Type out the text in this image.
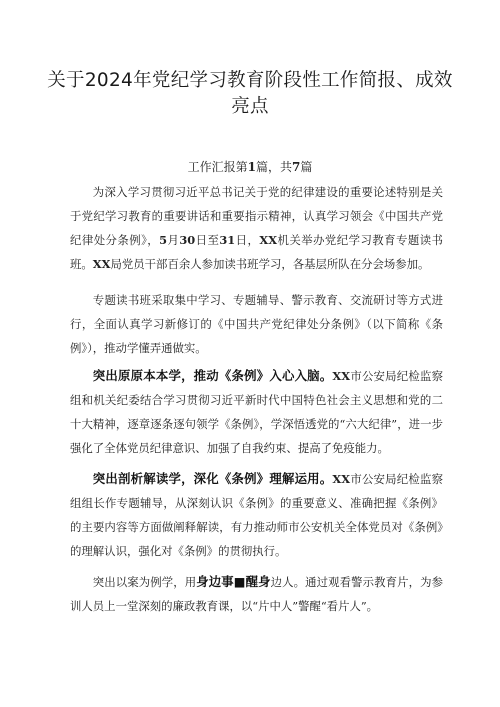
关于2024年党纪学习教育阶段性工作简报、成效亮点

工作汇报第1篇，共7篇

为深入学习贯彻习近平总书记关于党的纪律建设的重要论述特别是关于党纪学习教育的重要讲话和重要指示精神，认真学习领会《中国共产党纪律处分条例》，5月30日至31日，XX机关举办党纪学习教育专题读书班。XX局党员干部百余人参加读书班学习，各基层所队在分会场参加。

专题读书班采取集中学习、专题辅导、警示教育、交流研讨等方式进行，全面认真学习新修订的《中国共产党纪律处分条例》（以下简称《条例》），推动学懂弄通做实。

突出原原本本学，推动《条例》入心入脑。XX市公安局纪检监察组和机关纪委结合学习贯彻习近平新时代中国特色社会主义思想和党的二十大精神，逐章逐条逐句领学《条例》，学深悟透党的“六大纪律”，进一步强化了全体党员纪律意识、加强了自我约束、提高了免疫能力。

突出剖析解读学，深化《条例》理解运用。XX市公安局纪检监察组组长作专题辅导，从深刻认识《条例》的重要意义、准确把握《条例》的主要内容等方面做阐释解读，有力推动师市公安机关全体党员对《条例》的理解认识，强化对《条例》的贯彻执行。

突出以案为例学，用身边事■醒身边人。通过观看警示教育片，为参训人员上一堂深刻的廉政教育课，以“片中人”警醒“看片人”。
